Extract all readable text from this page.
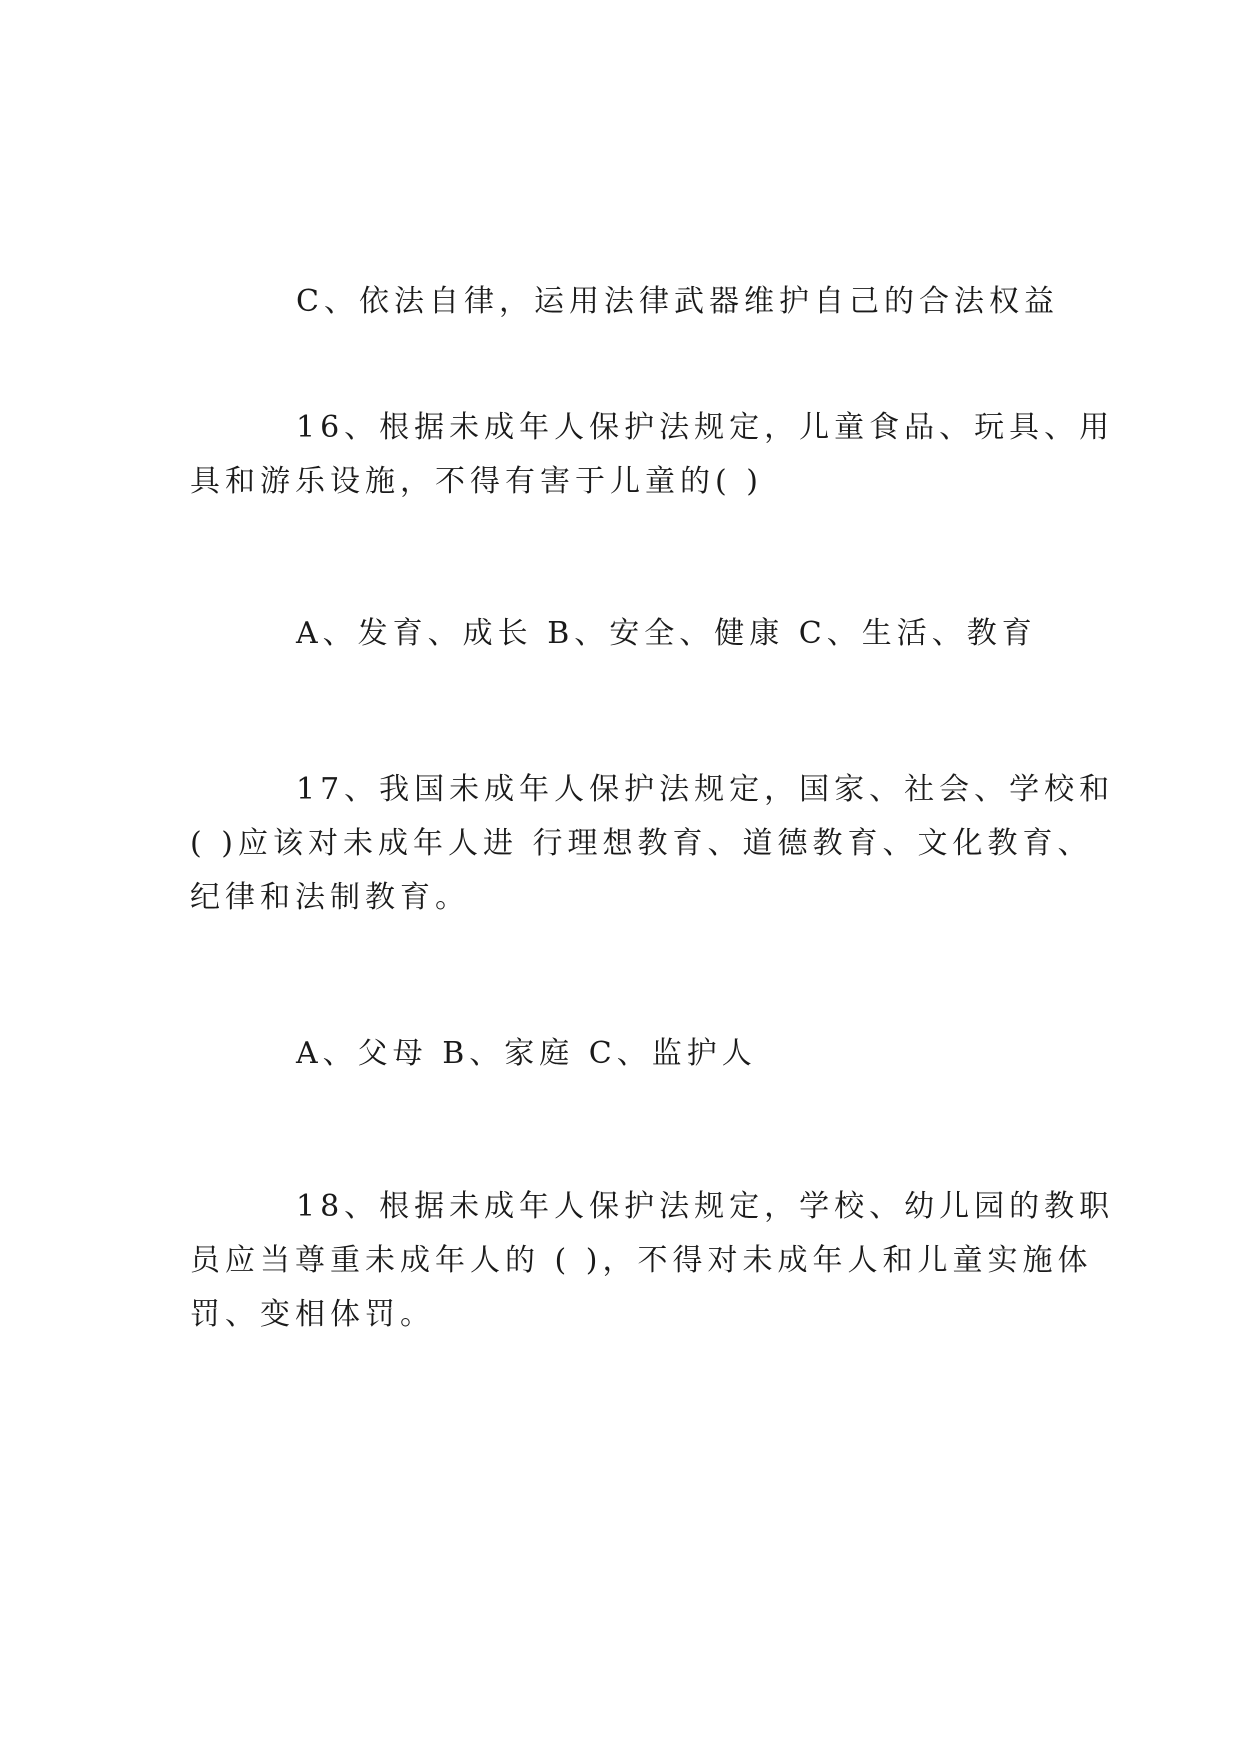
C、依法自律，运用法律武器维护自己的合法权益
16、根据未成年人保护法规定，儿童食品、玩具、用
具和游乐设施，不得有害于儿童的( )
A、发育、成长 B、安全、健康 C、生活、教育
17、我国未成年人保护法规定，国家、社会、学校和
( )应该对未成年人进 行理想教育、道德教育、文化教育、
纪律和法制教育。
A、父母 B、家庭 C、监护人
18、根据未成年人保护法规定，学校、幼儿园的教职
员应当尊重未成年人的 ( )，不得对未成年人和儿童实施体
罚、变相体罚。
